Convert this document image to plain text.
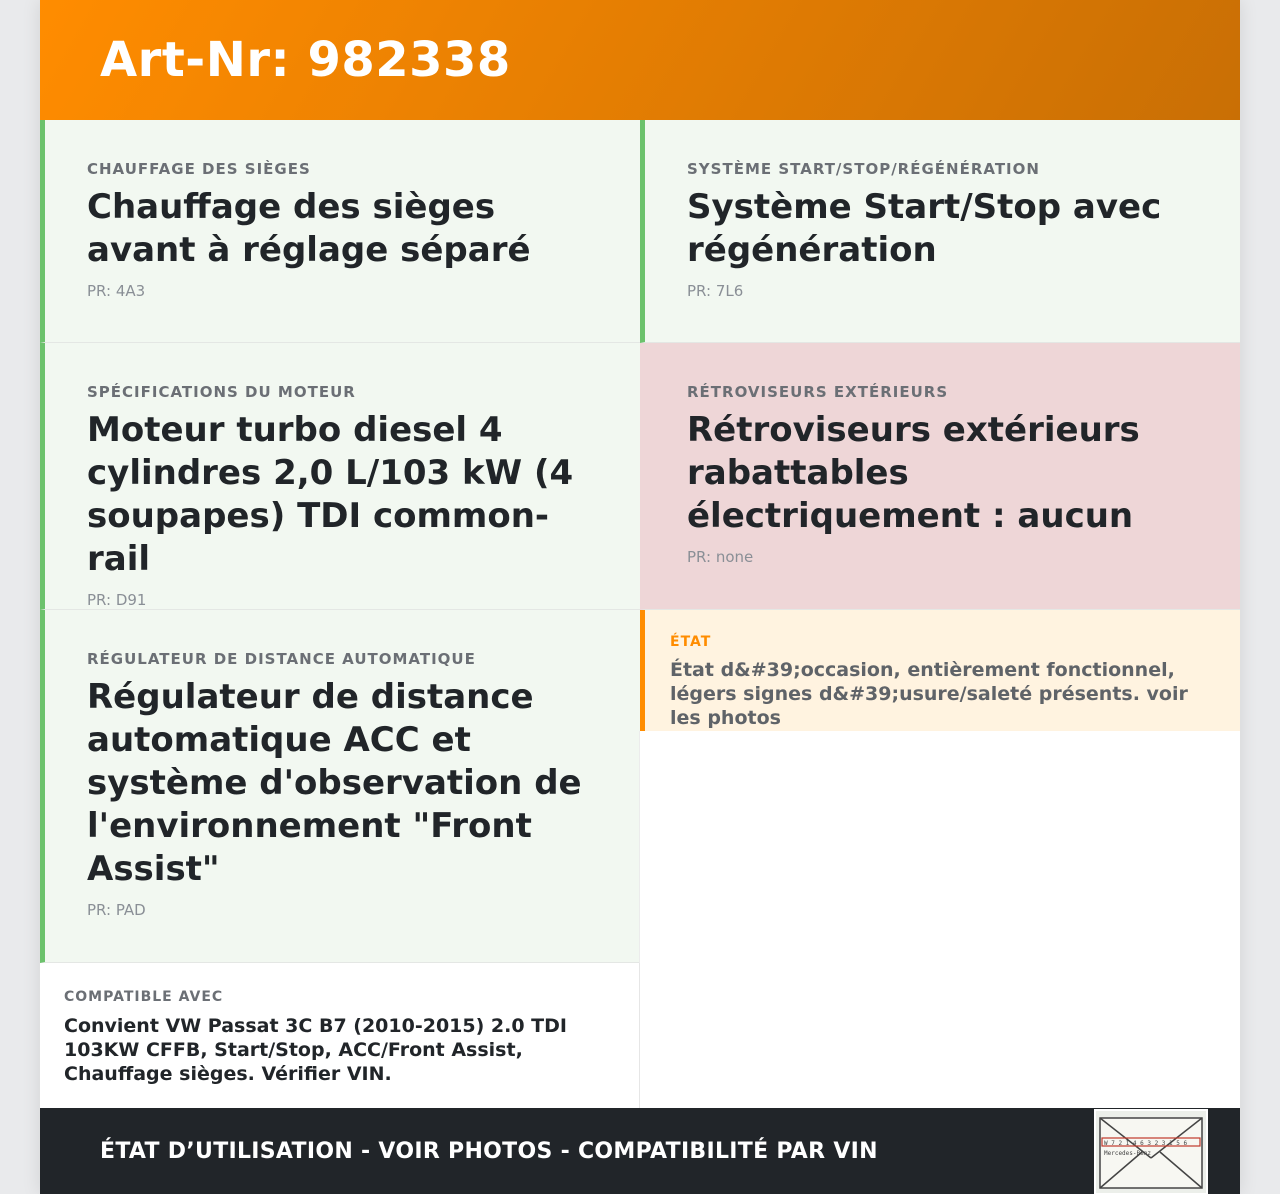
Art-Nr: 982338
CHAUFFAGE DES SIÈGES
Chauffage des sièges avant à réglage séparé
PR: 4A3
SYSTÈME START/STOP/RÉGÉNÉRATION
Système Start/Stop avec régénération
PR: 7L6
SPÉCIFICATIONS DU MOTEUR
Moteur turbo diesel 4 cylindres 2,0 L/103 kW (4 soupapes) TDI common-rail
PR: D91
RÉTROVISEURS EXTÉRIEURS
Rétroviseurs extérieurs rabattables électriquement : aucun
PR: none
RÉGULATEUR DE DISTANCE AUTOMATIQUE
Régulateur de distance automatique ACC et système d'observation de l'environnement "Front Assist"
PR: PAD
ÉTAT
État d&#39;occasion, entièrement fonctionnel, légers signes d&#39;usure/saleté présents. voir les photos
COMPATIBLE AVEC
Convient VW Passat 3C B7 (2010-2015) 2.0 TDI 103KW CFFB, Start/Stop, ACC/Front Assist, Chauffage sièges. Vérifier VIN.
ÉTAT D’UTILISATION - VOIR PHOTOS - COMPATIBILITÉ PAR VIN	W 7 2 1 4 6 3 2 3 1 5 6
Mercedes-Benz
